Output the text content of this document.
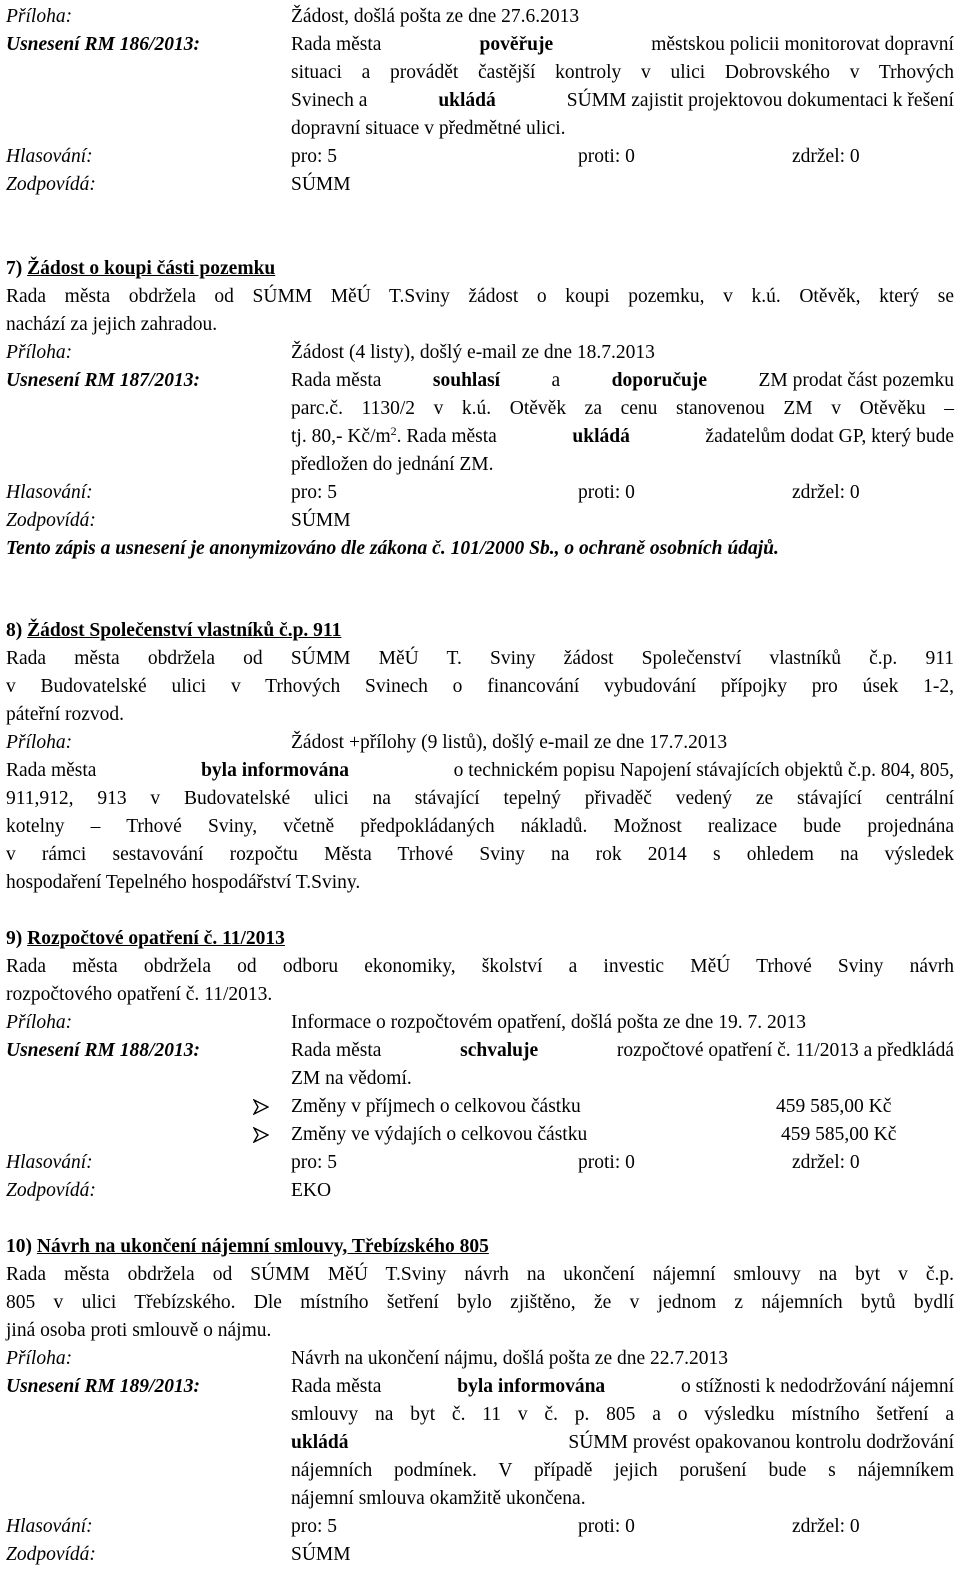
Příloha:	Žádost, došlá pošta ze dne 27.6.2013
Usnesení RM 186/2013:	Rada města	pověřuje	městskou policii monitorovat dopravní
situaci a provádět častější kontroly v ulici Dobrovského v Trhových
Svinech a	ukládá	SÚMM zajistit projektovou dokumentaci k řešení
dopravní situace v předmětné ulici.
Hlasování:	pro: 5	proti: 0	zdržel: 0
Zodpovídá:	SÚMM
7) Žádost o koupi části pozemku
Rada města obdržela od SÚMM MěÚ T.Sviny žádost o koupi pozemku, v k.ú. Otěvěk, který se
nachází za jejich zahradou.
Příloha:	Žádost (4 listy), došlý e-mail ze dne 18.7.2013
Usnesení RM 187/2013:	Rada města	souhlasí	a	doporučuje	ZM prodat část pozemku
parc.č. 1130/2 v k.ú. Otěvěk za cenu stanovenou ZM v Otěvěku –
tj. 80,- $Kč/m^2$. Rada města	ukládá	žadatelům dodat GP, který bude
předložen do jednání ZM.
Hlasování:	pro: 5	proti: 0	zdržel: 0
Zodpovídá:	SÚMM
Tento zápis a usnesení je anonymizováno dle zákona č. 101/2000 Sb., o ochraně osobních údajů.
8) Žádost Společenství vlastníků č.p. 911
Rada města obdržela od SÚMM MěÚ T. Sviny žádost Společenství vlastníků č.p. 911
v Budovatelské ulici v Trhových Svinech o financování vybudování přípojky pro úsek 1-2,
páteřní rozvod.
Příloha:	Žádost +přílohy (9 listů), došlý e-mail ze dne 17.7.2013
Rada města	byla informována	o technickém popisu Napojení stávajících objektů č.p. 804, 805,
911,912, 913 v Budovatelské ulici na stávající tepelný přivaděč vedený ze stávající centrální
kotelny – Trhové Sviny, včetně předpokládaných nákladů. Možnost realizace bude projednána
v rámci sestavování rozpočtu Města Trhové Sviny na rok 2014 s ohledem na výsledek
hospodaření Tepelného hospodářství T.Sviny.
9) Rozpočtové opatření č. 11/2013
Rada města obdržela od odboru ekonomiky, školství a investic MěÚ Trhové Sviny návrh
rozpočtového opatření č. 11/2013.
Příloha:	Informace o rozpočtovém opatření, došlá pošta ze dne 19. 7. 2013
Usnesení RM 188/2013:	Rada města	schvaluje	rozpočtové opatření č. 11/2013 a předkládá
ZM na vědomí.
Změny v příjmech o celkovou částku	459 585,00 Kč
Změny ve výdajích o celkovou částku	459 585,00 Kč
Hlasování:	pro: 5	proti: 0	zdržel: 0
Zodpovídá:	EKO
10) Návrh na ukončení nájemní smlouvy, Třebízského 805
Rada města obdržela od SÚMM MěÚ T.Sviny návrh na ukončení nájemní smlouvy na byt v č.p.
805 v ulici Třebízského. Dle místního šetření bylo zjištěno, že v jednom z nájemních bytů bydlí
jiná osoba proti smlouvě o nájmu.
Příloha:	Návrh na ukončení nájmu, došlá pošta ze dne 22.7.2013
Usnesení RM 189/2013:	Rada města	byla informována	o stížnosti k nedodržování nájemní
smlouvy na byt č. 11 v č. p. 805 a o výsledku místního šetření a
ukládá	SÚMM provést opakovanou kontrolu dodržování
nájemních podmínek. V případě jejich porušení bude s nájemníkem
nájemní smlouva okamžitě ukončena.
Hlasování:	pro: 5	proti: 0	zdržel: 0
Zodpovídá:	SÚMM
